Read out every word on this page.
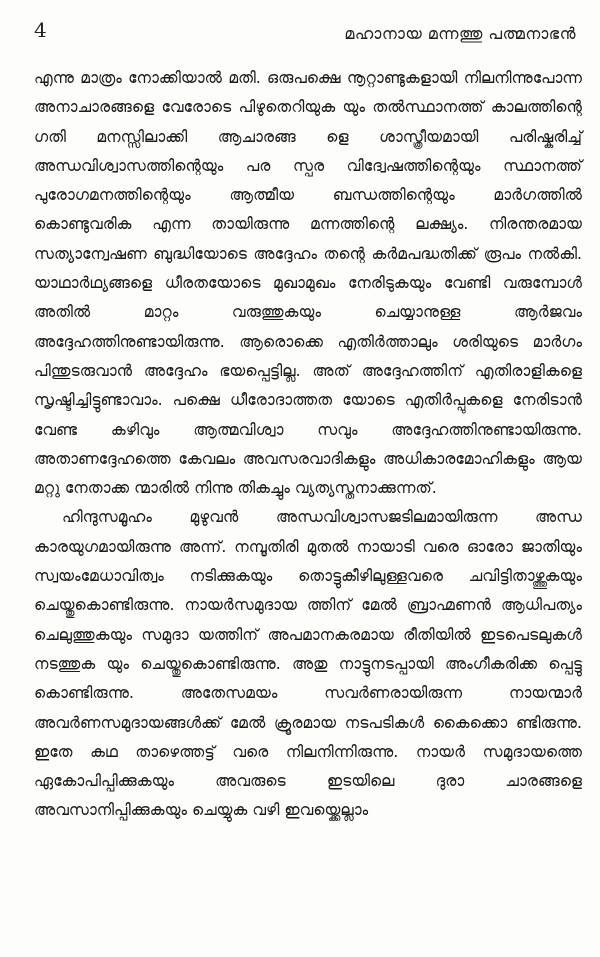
4	മഹാനായ മന്നത്തു പത്മനാഭൻ

എന്നു മാത്രം നോക്കിയാൽ മതി. ഒരുപക്ഷെ നൂറ്റാണ്ടുകളായി നിലനിന്നുപോന്ന അനാചാരങ്ങളെ വേരോടെ പിഴുതെറിയുക യും തൽസ്ഥാനത്ത് കാലത്തിന്റെ ഗതി മനസ്സിലാക്കി ആചാരങ്ങ ളെ ശാസ്ത്രീയമായി പരിഷ്കരിച്ച് അന്ധവിശ്വാസത്തിന്റെയും പര സ്പര വിദ്വേഷത്തിന്റെയും സ്ഥാനത്ത് പുരോഗമനത്തിന്റെയും ആത്മീയ ബന്ധത്തിന്റെയും മാർഗത്തിൽ കൊണ്ടുവരിക എന്ന തായിരുന്നു മന്നത്തിന്റെ ലക്ഷ്യം. നിരന്തരമായ സത്യാന്വേഷണ ബുദ്ധിയോടെ അദ്ദേഹം തന്റെ കർമപദ്ധതിക്ക് രൂപം നൽകി. യാഥാർഥ്യങ്ങളെ ധീരതയോടെ മുഖാമുഖം നേരിടുകയും വേണ്ടി വരുമ്പോൾ അതിൽ മാറ്റം വരുത്തുകയും ചെയ്യാനുള്ള ആർജവം അദ്ദേഹത്തിനുണ്ടായിരുന്നു. ആരൊക്കെ എതിർത്താലും ശരിയുടെ മാർഗം പിന്തുടരുവാൻ അദ്ദേഹം ഭയപ്പെട്ടില്ല. അത് അദ്ദേഹത്തിന് എതിരാളികളെ സൃഷ്ടിച്ചിട്ടുണ്ടാവാം. പക്ഷെ ധീരോദാത്തത യോടെ എതിർപ്പുകളെ നേരിടാൻ വേണ്ട കഴിവും ആത്മവിശ്വാ സവും അദ്ദേഹത്തിനുണ്ടായിരുന്നു. അതാണദ്ദേഹത്തെ കേവലം അവസരവാദികളും അധികാരമോഹികളും ആയ മറ്റു നേതാക്ക ന്മാരിൽ നിന്നു തികച്ചും വ്യത്യസ്തനാക്കുന്നത്.

ഹിന്ദുസമൂഹം മുഴുവൻ അന്ധവിശ്വാസജടിലമായിരുന്ന അന്ധ കാരയുഗമായിരുന്നു അന്ന്. നമ്പൂതിരി മുതൽ നായാടി വരെ ഓരോ ജാതിയും സ്വയംമേധാവിത്വം നടിക്കുകയും തൊട്ടുകീഴിലുള്ളവരെ ചവിട്ടിതാഴ്ത്തുകയും ചെയ്തുകൊണ്ടിരുന്നു. നായർസമുദായ ത്തിന് മേൽ ബ്രാഹ്മണൻ ആധിപത്യം ചെലുത്തുകയും സമുദാ യത്തിന് അപമാനകരമായ രീതിയിൽ ഇടപെടലുകൾ നടത്തുക യും ചെയ്തുകൊണ്ടിരുന്നു. അതു നാട്ടുനടപ്പായി അംഗീകരിക്ക പ്പെട്ടു കൊണ്ടിരുന്നു. അതേസമയം സവർണരായിരുന്ന നായന്മാർ അവർണസമുദായങ്ങൾക്ക് മേൽ ക്രൂരമായ നടപടികൾ കൈക്കൊ ണ്ടിരുന്നു. ഇതേ കഥ താഴെത്തട്ട് വരെ നിലനിന്നിരുന്നു. നായർ സമുദായത്തെ ഏകോപിപ്പിക്കുകയും അവരുടെ ഇടയിലെ ദുരാ ചാരങ്ങളെ അവസാനിപ്പിക്കുകയും ചെയ്യുക വഴി ഇവയ്ക്കെല്ലാം
